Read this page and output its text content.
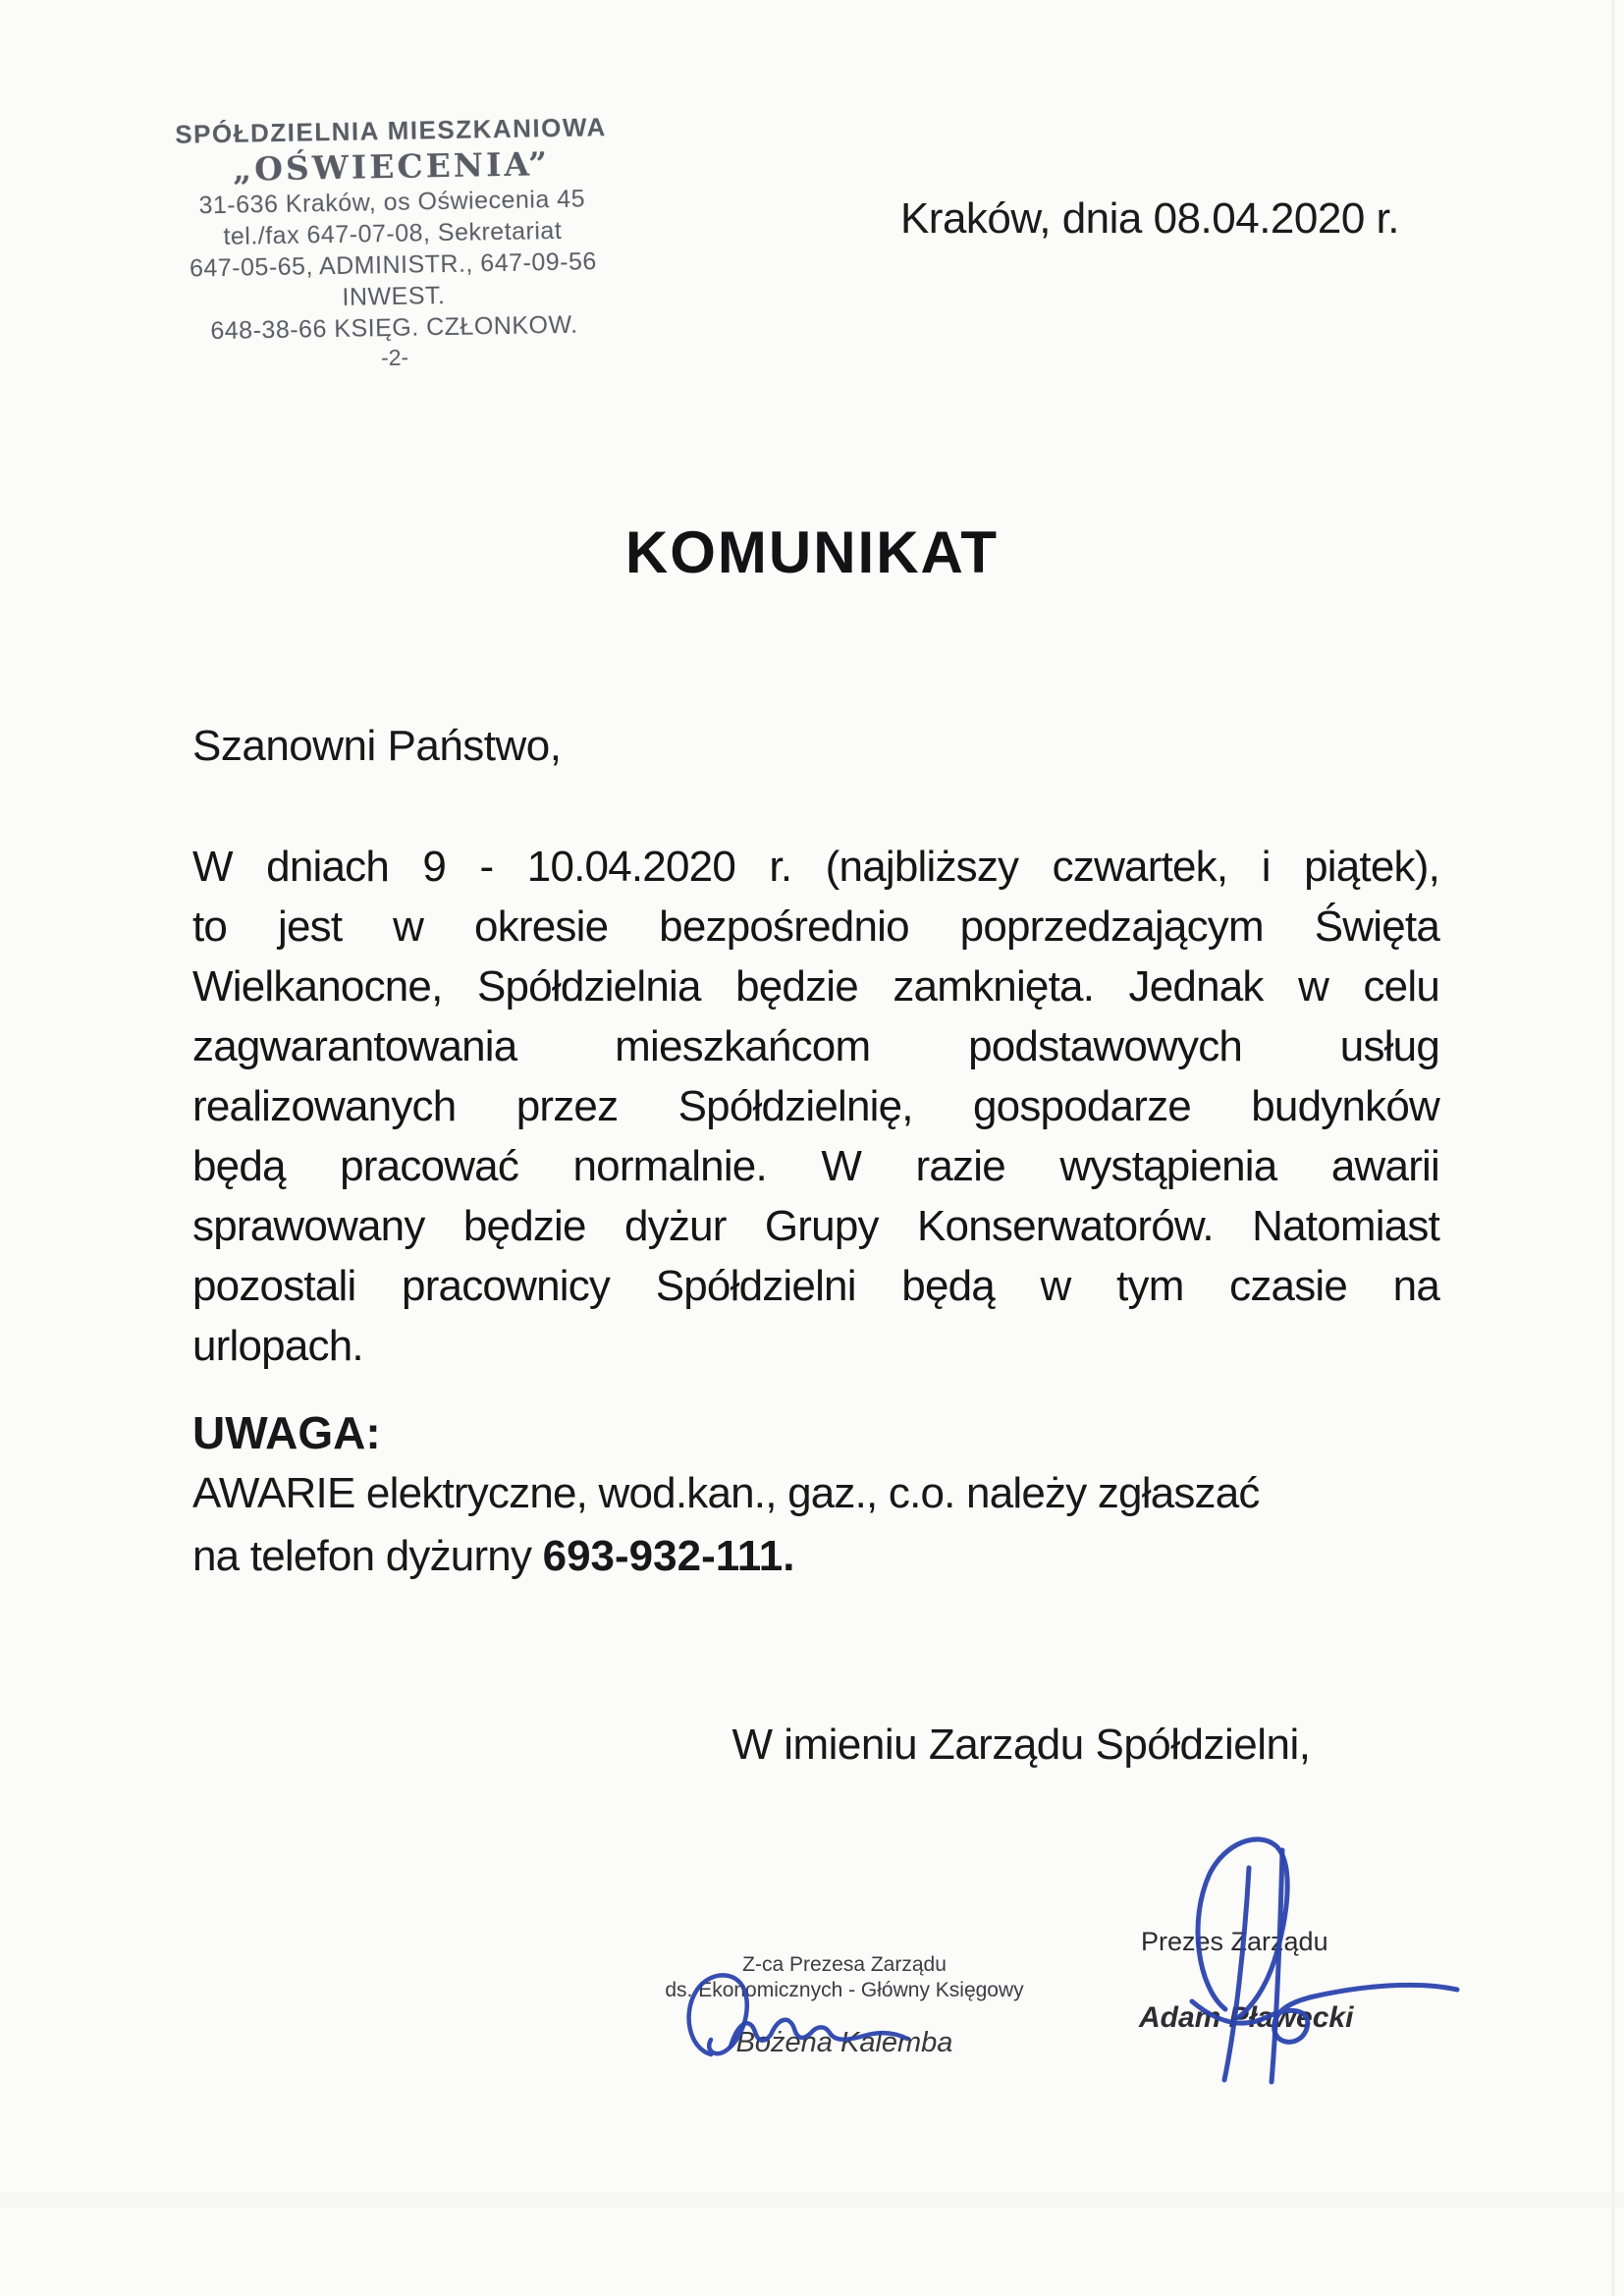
SPÓŁDZIELNIA MIESZKANIOWA
„OŚWIECENIA”
31-636 Kraków, os Oświecenia 45
tel./fax 647-07-08, Sekretariat
647-05-65, ADMINISTR., 647-09-56 INWEST.
648-38-66 KSIĘG. CZŁONKOW.
-2-
Kraków, dnia 08.04.2020 r.
KOMUNIKAT
Szanowni Państwo,
W dniach 9 - 10.04.2020 r. (najbliższy czwartek, i piątek),
to jest w okresie bezpośrednio poprzedzającym Święta
Wielkanocne, Spółdzielnia będzie zamknięta. Jednak w celu
zagwarantowania mieszkańcom podstawowych usług
realizowanych przez Spółdzielnię, gospodarze budynków
będą pracować normalnie. W razie wystąpienia awarii
sprawowany będzie dyżur Grupy Konserwatorów. Natomiast
pozostali pracownicy Spółdzielni będą w tym czasie na
urlopach.
UWAGA:
AWARIE elektryczne, wod.kan., gaz., c.o. należy zgłaszać
na telefon dyżurny 693-932-111.
W imieniu Zarządu Spółdzielni,
Z-ca Prezesa Zarządu
ds. Ekonomicznych - Główny Księgowy
Bożena Kalemba
Prezes Zarządu
Adam Pławecki
